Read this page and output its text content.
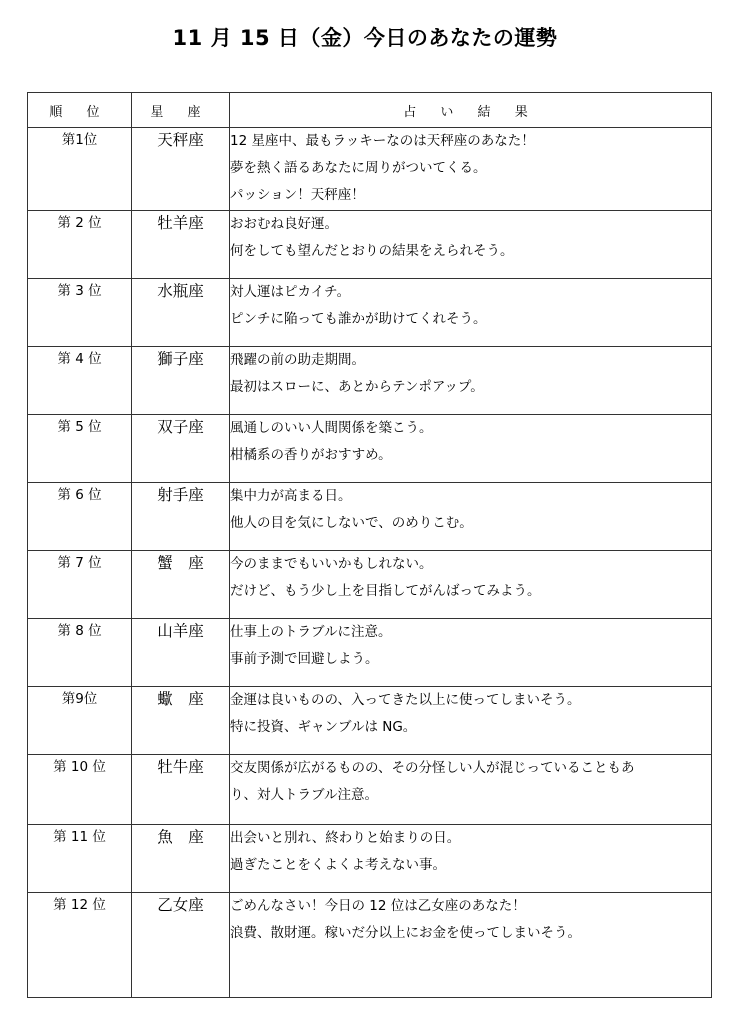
11 月 15 日（金）今日のあなたの運勢
順 位	星 座	占 い 結 果
第1位	天秤座	12 星座中、最もラッキーなのは天秤座のあなた！
夢を熱く語るあなたに周りがついてくる。
パッション！天秤座！

第 2 位	牡羊座	おおむね良好運。
何をしても望んだとおりの結果をえられそう。

第 3 位	水瓶座	対人運はピカイチ。
ピンチに陥っても誰かが助けてくれそう。

第 4 位	獅子座	飛躍の前の助走期間。
最初はスローに、あとからテンポアップ。

第 5 位	双子座	風通しのいい人間関係を築こう。
柑橘系の香りがおすすめ。

第 6 位	射手座	集中力が高まる日。
他人の目を気にしないで、のめりこむ。

第 7 位	蟹　座	今のままでもいいかもしれない。
だけど、もう少し上を目指してがんばってみよう。

第 8 位	山羊座	仕事上のトラブルに注意。
事前予測で回避しよう。

第9位	蠍　座	金運は良いものの、入ってきた以上に使ってしまいそう。
特に投資、ギャンブルは NG。

第 10 位	牡牛座	交友関係が広がるものの、その分怪しい人が混じっていることもあ
り、対人トラブル注意。

第 11 位	魚　座	出会いと別れ、終わりと始まりの日。
過ぎたことをくよくよ考えない事。

第 12 位	乙女座	ごめんなさい！今日の 12 位は乙女座のあなた！
浪費、散財運。稼いだ分以上にお金を使ってしまいそう。
